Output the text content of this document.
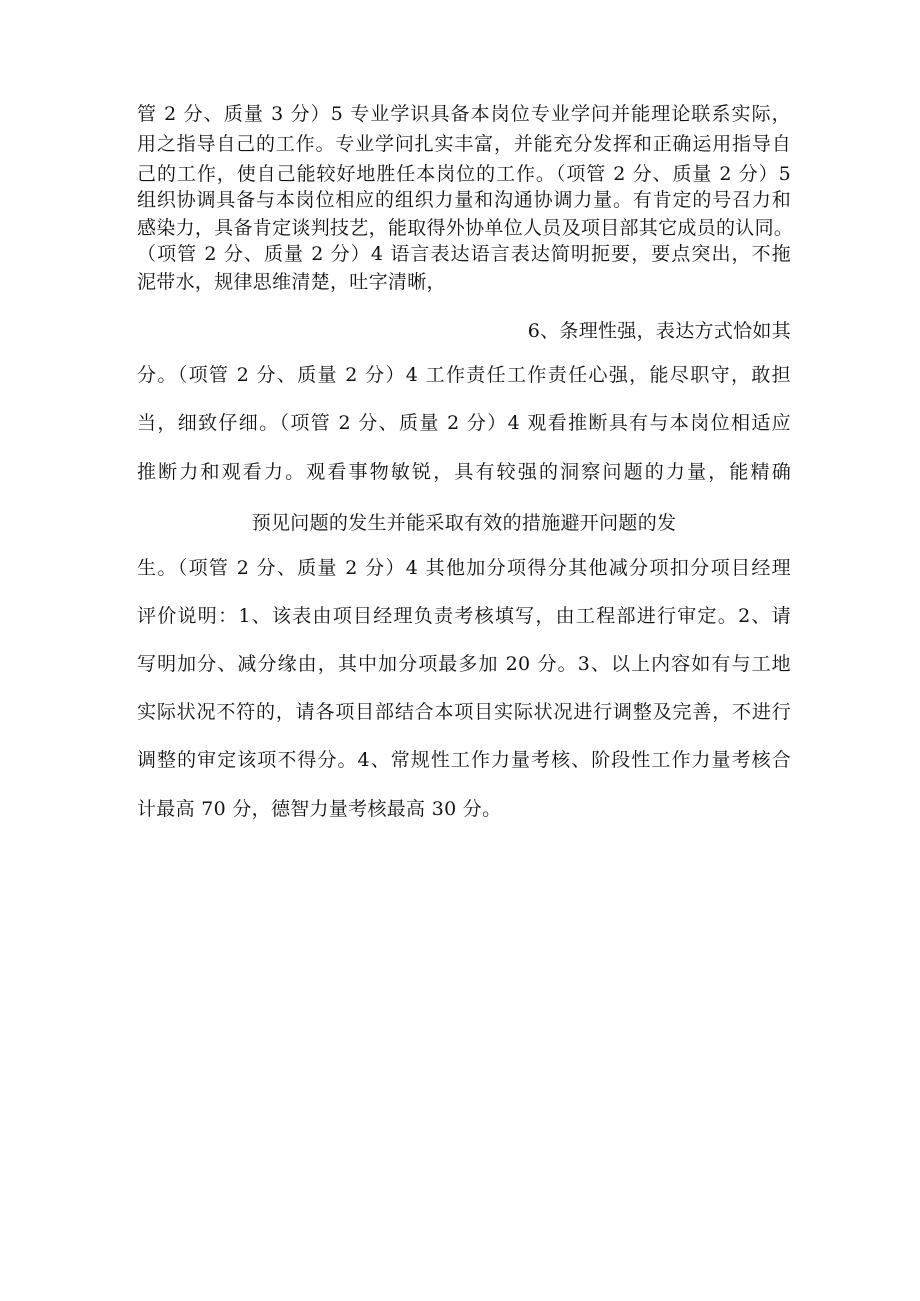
管 2 分、质量 3 分）5 专业学识具备本岗位专业学问并能理论联系实际，
用之指导自己的工作。专业学问扎实丰富，并能充分发挥和正确运用指导自
己的工作，使自己能较好地胜任本岗位的工作。（项管 2 分、质量 2 分）5
组织协调具备与本岗位相应的组织力量和沟通协调力量。有肯定的号召力和
感染力，具备肯定谈判技艺，能取得外协单位人员及项目部其它成员的认同。
（项管 2 分、质量 2 分）4 语言表达语言表达简明扼要，要点突出，不拖
泥带水，规律思维清楚，吐字清晰，
6、条理性强，表达方式恰如其
分。（项管 2 分、质量 2 分）4 工作责任工作责任心强，能尽职守，敢担
当，细致仔细。（项管 2 分、质量 2 分）4 观看推断具有与本岗位相适应
推断力和观看力。观看事物敏锐，具有较强的洞察问题的力量，能精确
预见问题的发生并能采取有效的措施避开问题的发
生。（项管 2 分、质量 2 分）4 其他加分项得分其他减分项扣分项目经理
评价说明：1、该表由项目经理负责考核填写，由工程部进行审定。2、请
写明加分、减分缘由，其中加分项最多加 20 分。3、以上内容如有与工地
实际状况不符的，请各项目部结合本项目实际状况进行调整及完善，不进行
调整的审定该项不得分。4、常规性工作力量考核、阶段性工作力量考核合
计最高 70 分，德智力量考核最高 30 分。
